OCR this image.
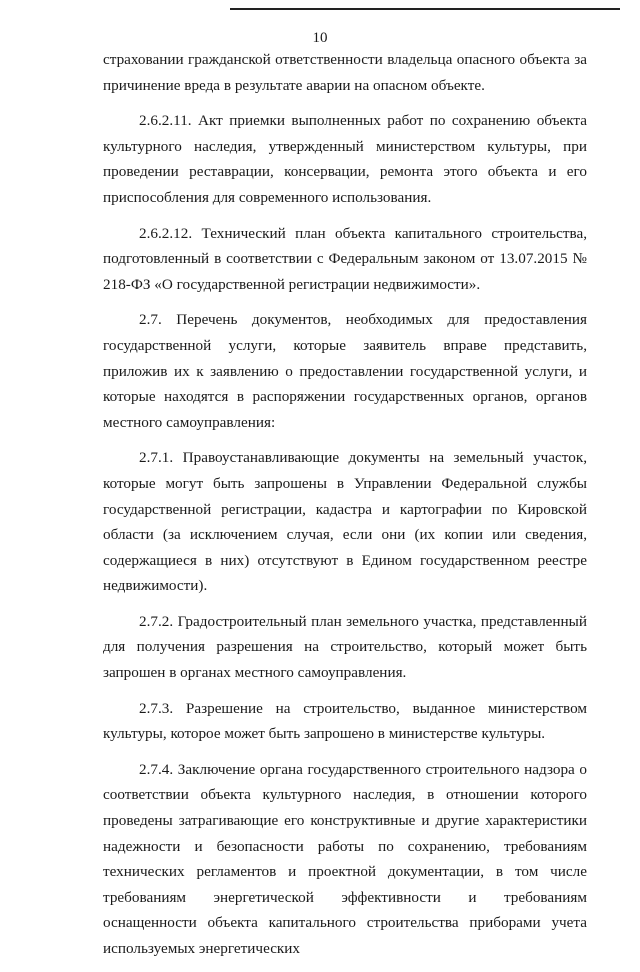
10

страховании гражданской ответственности владельца опасного объекта за причинение вреда в результате аварии на опасном объекте.

2.6.2.11. Акт приемки выполненных работ по сохранению объекта культурного наследия, утвержденный министерством культуры, при проведении реставрации, консервации, ремонта этого объекта и его приспособления для современного использования.

2.6.2.12. Технический план объекта капитального строительства, подготовленный в соответствии с Федеральным законом от 13.07.2015 № 218-ФЗ «О государственной регистрации недвижимости».

2.7. Перечень документов, необходимых для предоставления государственной услуги, которые заявитель вправе представить, приложив их к заявлению о предоставлении государственной услуги, и которые находятся в распоряжении государственных органов, органов местного самоуправления:

2.7.1. Правоустанавливающие документы на земельный участок, которые могут быть запрошены в Управлении Федеральной службы государственной регистрации, кадастра и картографии по Кировской области (за исключением случая, если они (их копии или сведения, содержащиеся в них) отсутствуют в Едином государственном реестре недвижимости).

2.7.2. Градостроительный план земельного участка, представленный для получения разрешения на строительство, который может быть запрошен в органах местного самоуправления.

2.7.3. Разрешение на строительство, выданное министерством культуры, которое может быть запрошено в министерстве культуры.

2.7.4. Заключение органа государственного строительного надзора о соответствии объекта культурного наследия, в отношении которого проведены затрагивающие его конструктивные и другие характеристики надежности и безопасности работы по сохранению, требованиям технических регламентов и проектной документации, в том числе требованиям энергетической эффективности и требованиям оснащенности объекта капитального строительства приборами учета используемых энергетических
